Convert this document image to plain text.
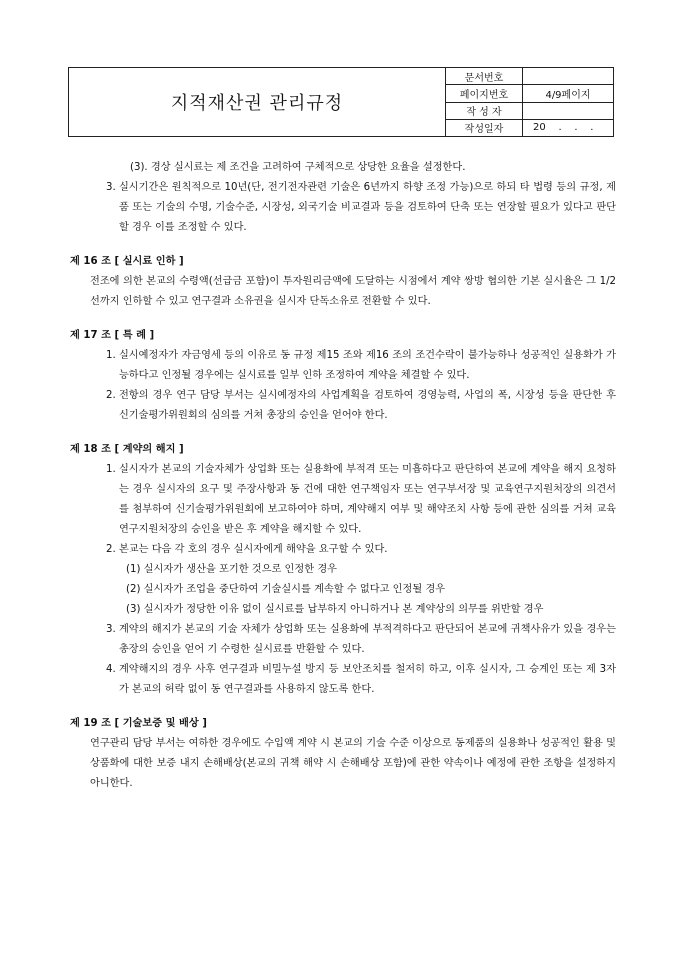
지적재산권 관리규정
문서번호
페이지번호	4/9페이지
작 성 자
작성일자	20    .    .    .
(3). 경상 실시료는 제 조건을 고려하여 구체적으로 상당한 요율을 설정한다.
3. 실시기간은 원칙적으로 10년(단, 전기전자관련 기술은 6년까지 하향 조정 가능)으로 하되 타 법령 등의 규정, 제품 또는 기술의 수명, 기술수준, 시장성, 외국기술 비교결과 등을 검토하여 단축 또는 연장할 필요가 있다고 판단할 경우 이를 조정할 수 있다.

제 16 조 [ 실시료 인하 ]

전조에 의한 본교의 수령액(선급금 포함)이 투자원리금액에 도달하는 시점에서 계약 쌍방 협의한 기본 실시율은 그 1/2선까지 인하할 수 있고 연구결과 소유권을 실시자 단독소유로 전환할 수 있다.

제 17 조 [ 특 례 ]

1. 실시예정자가 자금영세 등의 이유로 동 규정 제15 조와 제16 조의 조건수락이 불가능하나 성공적인 실용화가 가능하다고 인정될 경우에는 실시료를 일부 인하 조정하여 계약을 체결할 수 있다.
2. 전항의 경우 연구 담당 부서는 실시예정자의 사업계획을 검토하여 경영능력, 사업의 폭, 시장성 등을 판단한 후 신기술평가위원회의 심의를 거쳐 총장의 승인을 얻어야 한다.

제 18 조 [ 계약의 해지 ]

1. 실시자가 본교의 기술자체가 상업화 또는 실용화에 부적격 또는 미흡하다고 판단하여 본교에 계약을 해지 요청하는 경우 실시자의 요구 및 주장사항과 동 건에 대한 연구책임자 또는 연구부서장 및 교육연구지원처장의 의견서를 첨부하여 신기술평가위원회에 보고하여야 하며, 계약해지 여부 및 해약조치 사항 등에 관한 심의를 거쳐 교육연구지원처장의 승인을 받은 후 계약을 해지할 수 있다.
2. 본교는 다음 각 호의 경우 실시자에게 해약을 요구할 수 있다.
(1) 실시자가 생산을 포기한 것으로 인정한 경우
(2) 실시자가 조업을 중단하여 기술실시를 계속할 수 없다고 인정될 경우
(3) 실시자가 정당한 이유 없이 실시료를 납부하지 아니하거나 본 계약상의 의무를 위반할 경우
3. 계약의 해지가 본교의 기술 자체가 상업화 또는 실용화에 부적격하다고 판단되어 본교에 귀책사유가 있을 경우는 총장의 승인을 얻어 기 수령한 실시료를 반환할 수 있다.
4. 계약해지의 경우 사후 연구결과 비밀누설 방지 등 보안조치를 철저히 하고, 이후 실시자, 그 승계인 또는 제 3자가 본교의 허락 없이 동 연구결과를 사용하지 않도록 한다.

제 19 조 [ 기술보증 및 배상 ]

연구관리 담당 부서는 여하한 경우에도 수입액 계약 시 본교의 기술 수준 이상으로 동제품의 실용화나 성공적인 활용 및 상품화에 대한 보증 내지 손해배상(본교의 귀책 해약 시 손해배상 포함)에 관한 약속이나 예정에 관한 조항을 설정하지 아니한다.
